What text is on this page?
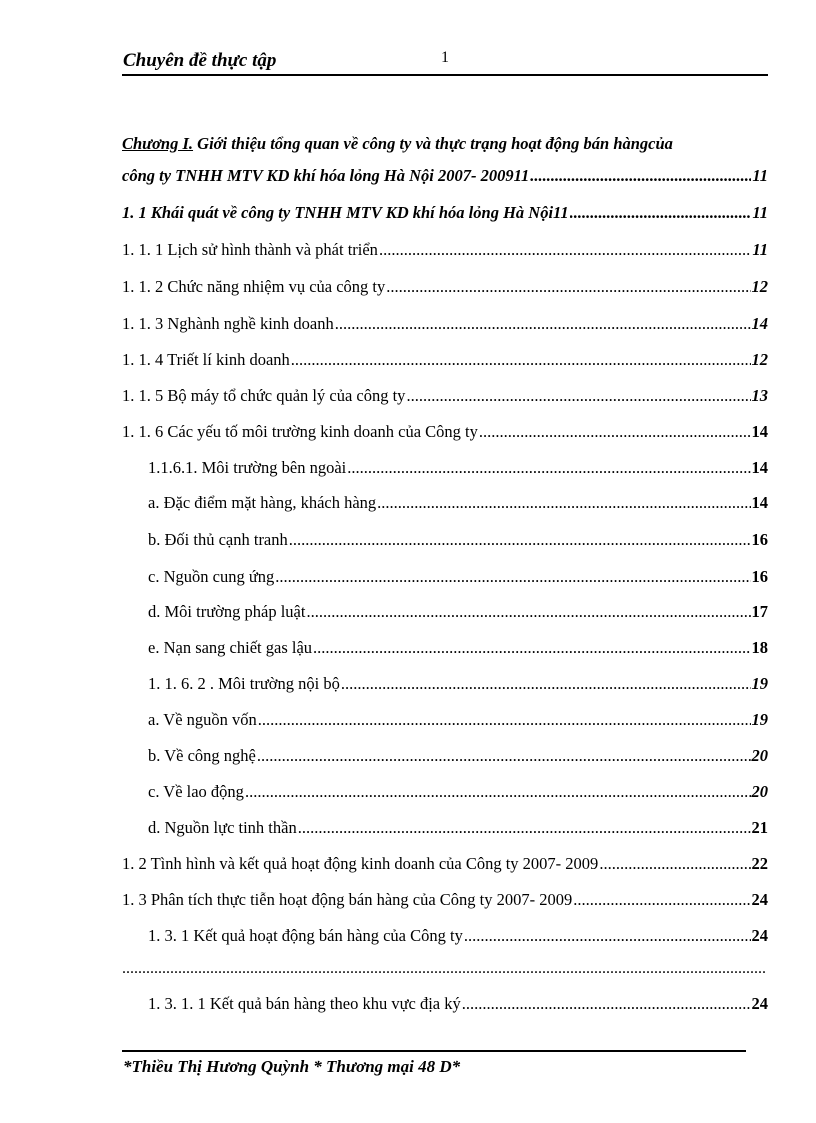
Chuyên đề thực tập	1
Chương I. Giới thiệu tổng quan về công ty và thực trạng hoạt động bán hàngcủa
công ty TNHH MTV KD khí hóa lỏng Hà Nội 2007- 200911 .....	11
1. 1 Khái quát về công ty TNHH MTV KD khí hóa lỏng Hà Nội11 .....	11
1. 1. 1 Lịch sử hình thành và phát triển .....	11
1. 1. 2 Chức năng nhiệm vụ của công ty .....	12
1. 1. 3 Nghành nghề kinh doanh .....	14
1. 1. 4 Triết lí kinh doanh .....	12
1. 1. 5 Bộ máy tổ chức quản lý của công ty .....	13
1. 1. 6 Các yếu tố môi trường kinh doanh của Công ty .....	14
1.1.6.1. Môi trường bên ngoài .....	14
a. Đặc điểm mặt hàng, khách hàng .....	14
b. Đối thủ cạnh tranh .....	16
c. Nguồn cung ứng .....	16
d. Môi trường pháp luật .....	17
e. Nạn sang chiết gas lậu .....	18
1. 1. 6. 2 . Môi trường nội bộ .....	19
a. Về nguồn vốn .....	19
b. Về công nghệ .....	20
c. Về lao động .....	20
d. Nguồn lực tinh thần .....	21
1. 2 Tình hình và kết quả hoạt động kinh doanh của Công ty 2007- 2009 .....	22
1. 3 Phân tích thực tiễn hoạt động bán hàng của Công ty 2007- 2009 .....	24
1. 3. 1 Kết quả hoạt động bán hàng của Công ty .....	24
.....
1. 3. 1. 1 Kết quả bán hàng theo khu vực địa ký .....	24
*Thiều Thị Hương Quỳnh * Thương mại 48 D*
